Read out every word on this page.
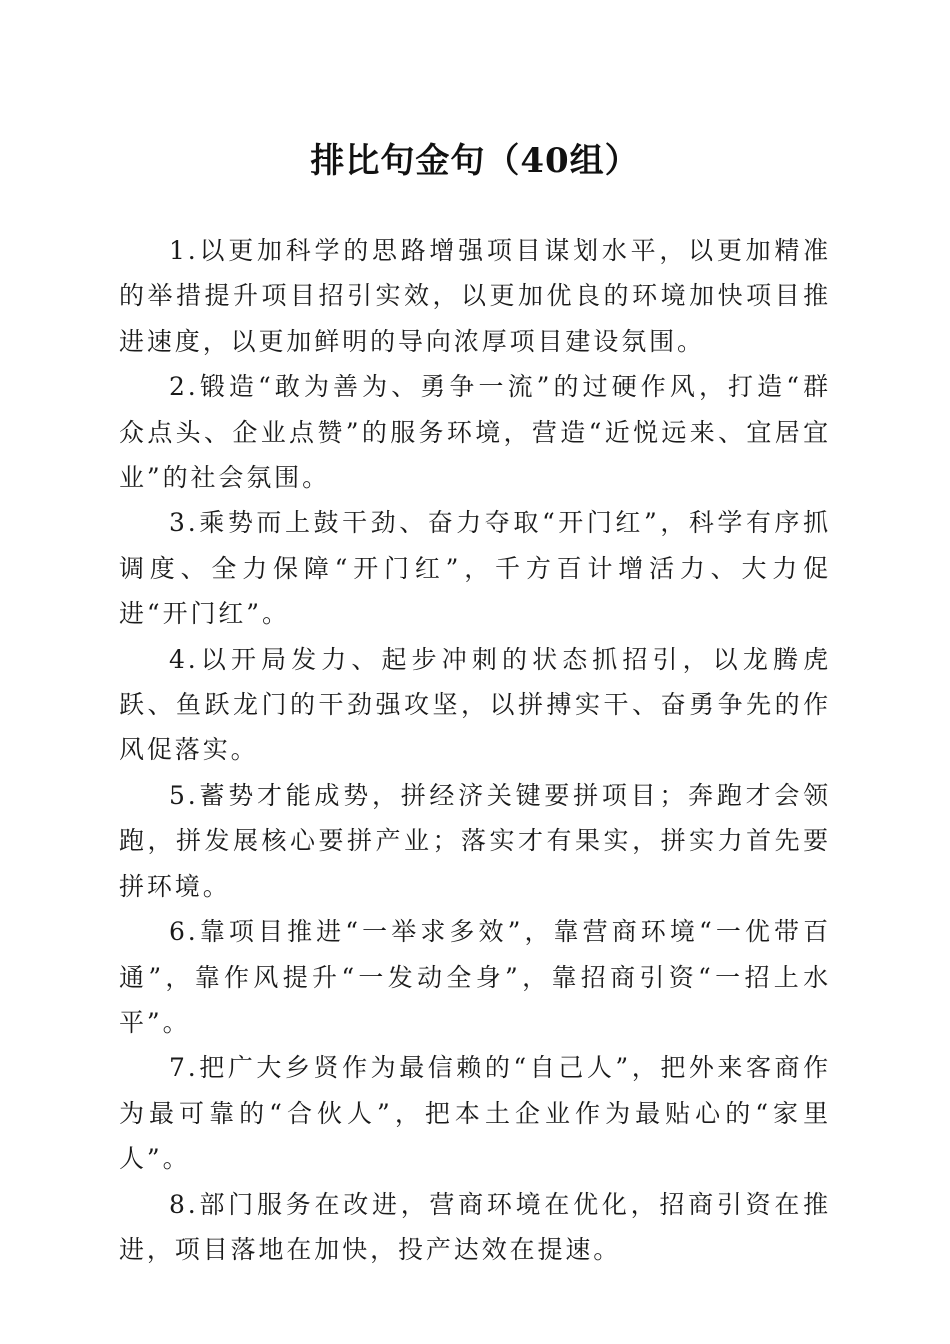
排比句金句（40组）

1.以更加科学的思路增强项目谋划水平，以更加精准的举措提升项目招引实效，以更加优良的环境加快项目推进速度，以更加鲜明的导向浓厚项目建设氛围。

2.锻造“敢为善为、勇争一流”的过硬作风，打造“群众点头、企业点赞”的服务环境，营造“近悦远来、宜居宜业”的社会氛围。

3.乘势而上鼓干劲、奋力夺取“开门红”，科学有序抓调度、全力保障“开门红”，千方百计增活力、大力促进“开门红”。

4.以开局发力、起步冲刺的状态抓招引，以龙腾虎跃、鱼跃龙门的干劲强攻坚，以拼搏实干、奋勇争先的作风促落实。

5.蓄势才能成势，拼经济关键要拼项目；奔跑才会领跑，拼发展核心要拼产业；落实才有果实，拼实力首先要拼环境。

6.靠项目推进“一举求多效”，靠营商环境“一优带百通”，靠作风提升“一发动全身”，靠招商引资“一招上水平”。

7.把广大乡贤作为最信赖的“自己人”，把外来客商作为最可靠的“合伙人”，把本土企业作为最贴心的“家里人”。

8.部门服务在改进，营商环境在优化，招商引资在推进，项目落地在加快，投产达效在提速。
